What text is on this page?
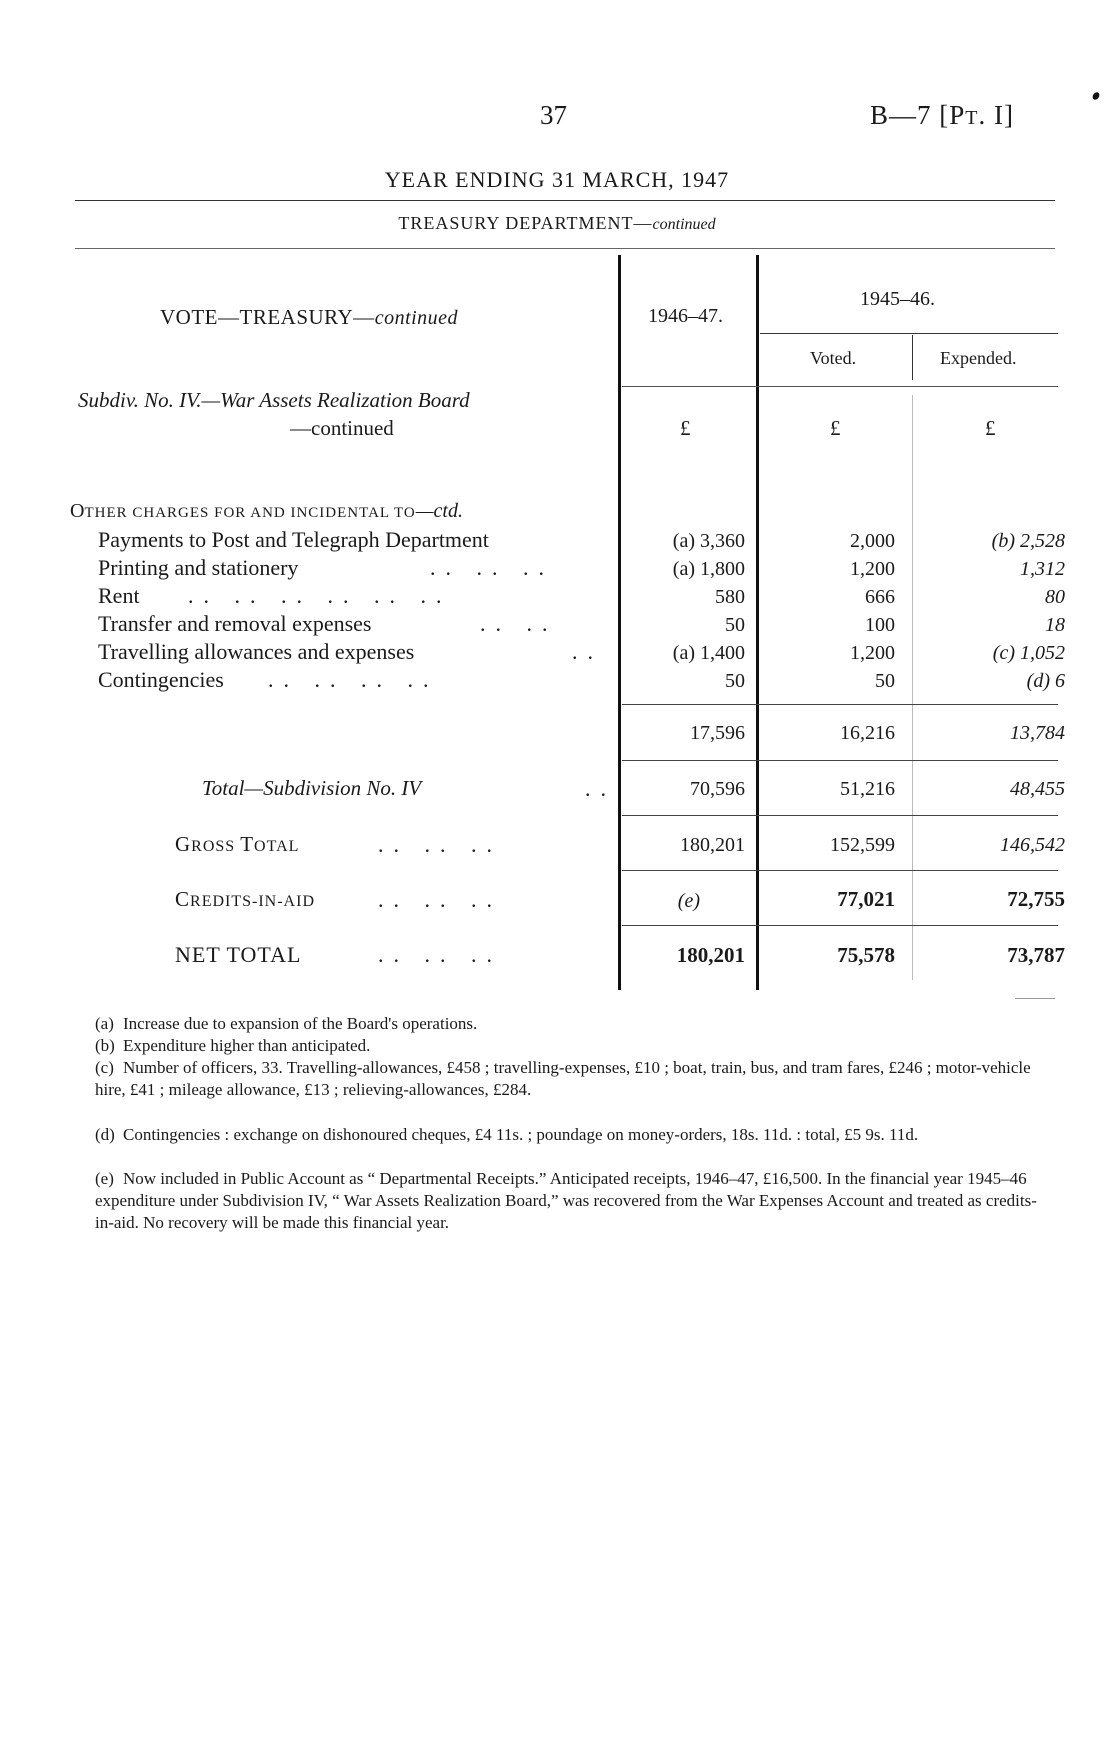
37	B—7 [PT. I]
YEAR ENDING 31 MARCH, 1947
TREASURY DEPARTMENT—continued
VOTE—TREASURY—continued	1946–47.
1945–46.
Voted.	Expended.
Subdiv. No. IV.—War Assets Realization Board
—continued	£	£	£
OTHER CHARGES FOR AND INCIDENTAL TO—ctd.
Payments to Post and Telegraph Department	(a) 3,360	2,000	(b) 2,528
Printing and stationery	.. .. ..	(a) 1,800	1,200	1,312
Rent .. .. .. .. .. ..	580	666	80
Transfer and removal expenses	.. ..	50	100	18
Travelling allowances and expenses	..	(a) 1,400	1,200	(c) 1,052
Contingencies .. .. .. ..	50	50	(d) 6
17,596	16,216	13,784
Total—Subdivision No. IV	..	70,596	51,216	48,455
GROSS TOTAL	.. .. ..	180,201	152,599	146,542
CREDITS-IN-AID	.. .. ..	(e)	77,021	72,755
NET TOTAL	.. .. ..	180,201	75,578	73,787
(a) Increase due to expansion of the Board's operations.
(b) Expenditure higher than anticipated.
(c) Number of officers, 33. Travelling-allowances, £458 ; travelling-expenses, £10 ; boat, train, bus, and tram fares, £246 ; motor-vehicle hire, £41 ; mileage allowance, £13 ; relieving-allowances, £284.
(d) Contingencies : exchange on dishonoured cheques, £4 11s. ; poundage on money-orders, 18s. 11d. : total, £5 9s. 11d.
(e) Now included in Public Account as “ Departmental Receipts.” Anticipated receipts, 1946–47, £16,500. In the financial year 1945–46 expenditure under Subdivision IV, “ War Assets Realization Board,” was recovered from the War Expenses Account and treated as credits-in-aid. No recovery will be made this financial year.
